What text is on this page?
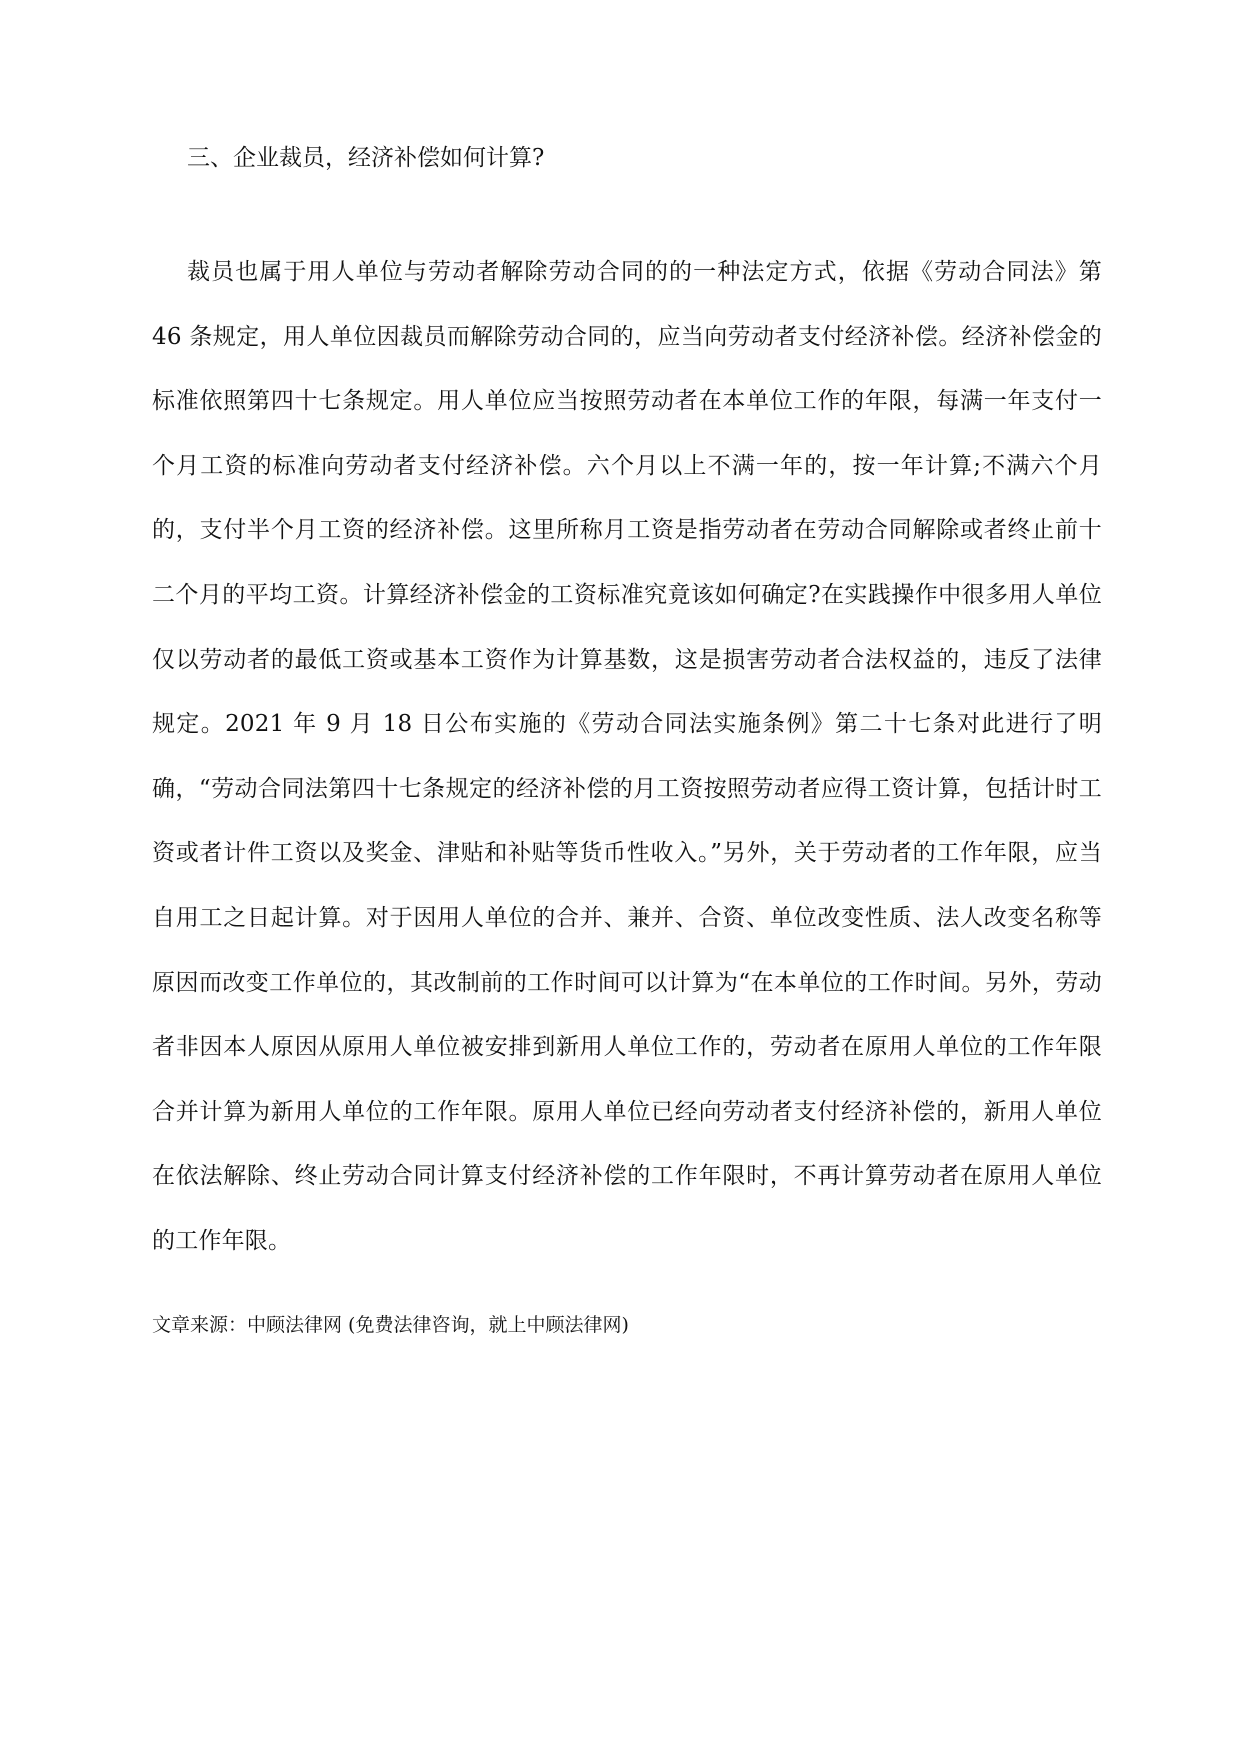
三、企业裁员，经济补偿如何计算?

裁员也属于用人单位与劳动者解除劳动合同的的一种法定方式，依据《劳动合同法》第 46 条规定，用人单位因裁员而解除劳动合同的，应当向劳动者支付经济补偿。经济补偿金的标准依照第四十七条规定。用人单位应当按照劳动者在本单位工作的年限，每满一年支付一个月工资的标准向劳动者支付经济补偿。六个月以上不满一年的，按一年计算;不满六个月的，支付半个月工资的经济补偿。这里所称月工资是指劳动者在劳动合同解除或者终止前十二个月的平均工资。计算经济补偿金的工资标准究竟该如何确定?在实践操作中很多用人单位仅以劳动者的最低工资或基本工资作为计算基数，这是损害劳动者合法权益的，违反了法律规定。2021 年 9 月 18 日公布实施的《劳动合同法实施条例》第二十七条对此进行了明确，“劳动合同法第四十七条规定的经济补偿的月工资按照劳动者应得工资计算，包括计时工资或者计件工资以及奖金、津贴和补贴等货币性收入。”另外，关于劳动者的工作年限，应当自用工之日起计算。对于因用人单位的合并、兼并、合资、单位改变性质、法人改变名称等原因而改变工作单位的，其改制前的工作时间可以计算为“在本单位的工作时间。另外，劳动者非因本人原因从原用人单位被安排到新用人单位工作的，劳动者在原用人单位的工作年限合并计算为新用人单位的工作年限。原用人单位已经向劳动者支付经济补偿的，新用人单位在依法解除、终止劳动合同计算支付经济补偿的工作年限时，不再计算劳动者在原用人单位的工作年限。

文章来源：中顾法律网 (免费法律咨询，就上中顾法律网)
